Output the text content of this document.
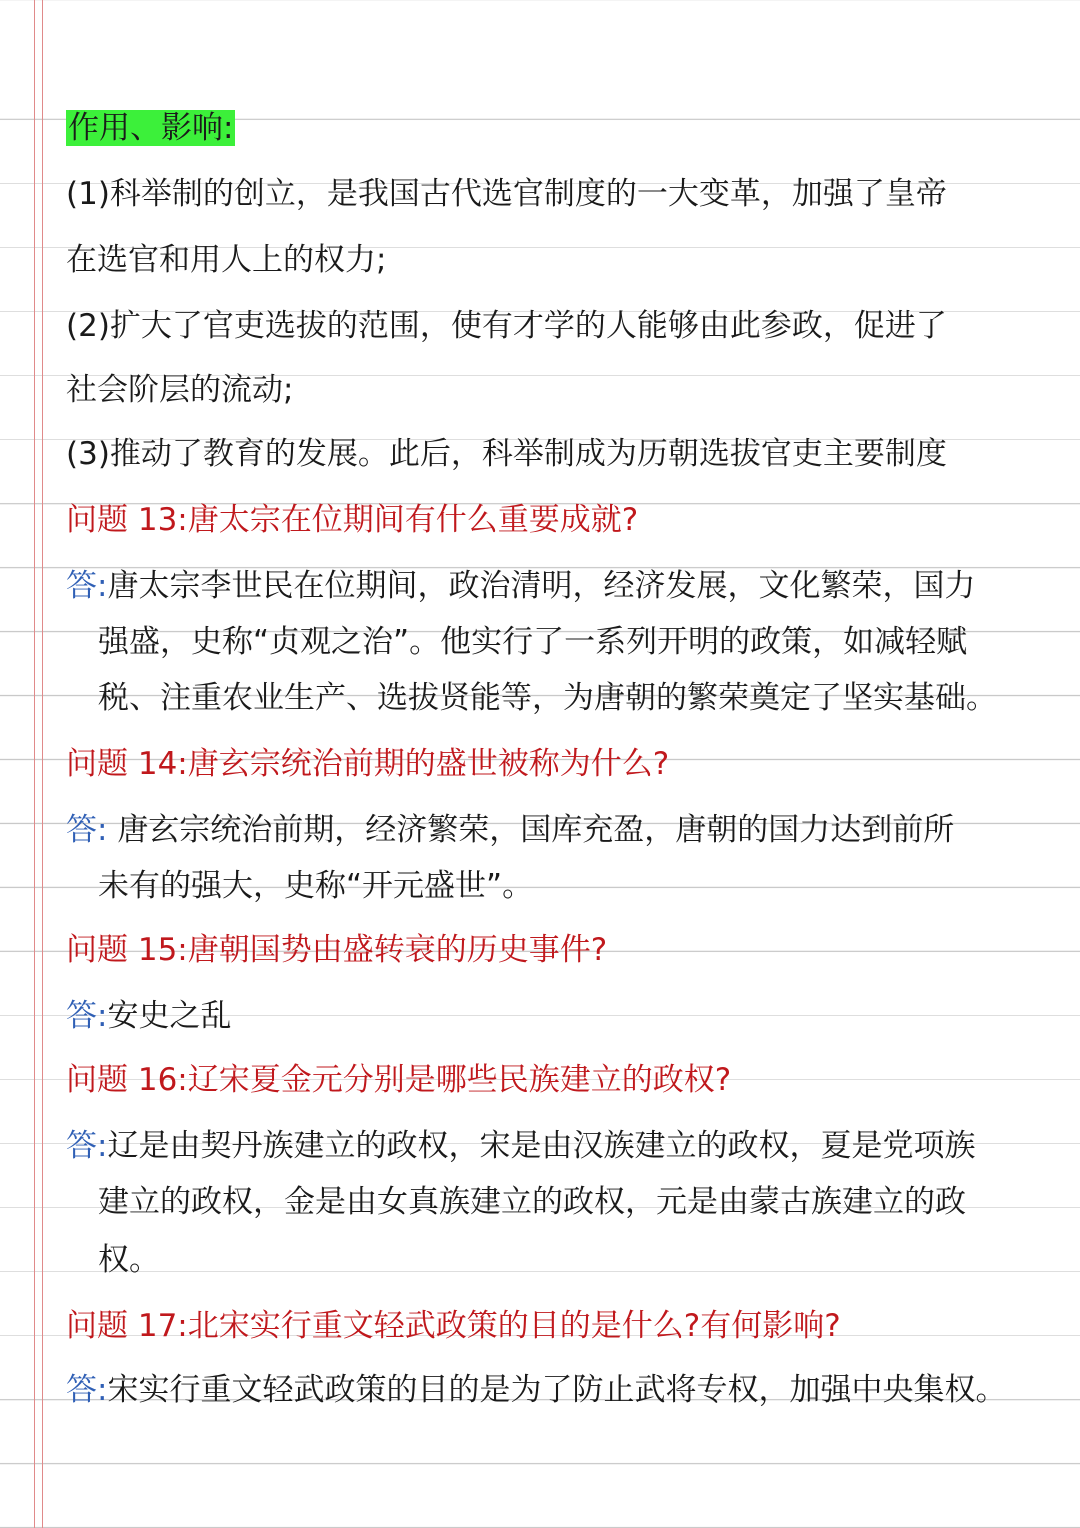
作用、影响:
(1)科举制的创立，是我国古代选官制度的一大变革，加强了皇帝
在选官和用人上的权力;
(2)扩大了官吏选拔的范围，使有才学的人能够由此参政，促进了
社会阶层的流动;
(3)推动了教育的发展。此后，科举制成为历朝选拔官吏主要制度
问题 13:唐太宗在位期间有什么重要成就?
答:唐太宗李世民在位期间，政治清明，经济发展，文化繁荣，国力
强盛，史称“贞观之治”。他实行了一系列开明的政策，如减轻赋
税、注重农业生产、选拔贤能等，为唐朝的繁荣奠定了坚实基础。
问题 14:唐玄宗统治前期的盛世被称为什么?
答: 唐玄宗统治前期，经济繁荣，国库充盈，唐朝的国力达到前所
未有的强大，史称“开元盛世”。
问题 15:唐朝国势由盛转衰的历史事件?
答:安史之乱
问题 16:辽宋夏金元分别是哪些民族建立的政权?
答:辽是由契丹族建立的政权，宋是由汉族建立的政权，夏是党项族
建立的政权，金是由女真族建立的政权，元是由蒙古族建立的政
权。
问题 17:北宋实行重文轻武政策的目的是什么?有何影响?
答:宋实行重文轻武政策的目的是为了防止武将专权，加强中央集权。
